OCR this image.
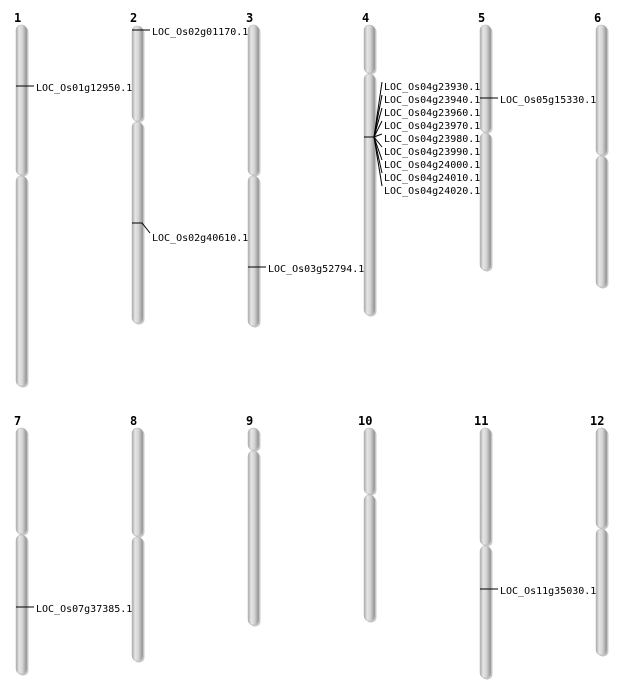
1
LOC_Os01g12950.1
2
LOC_Os02g01170.1
LOC_Os02g40610.1
3
LOC_Os03g52794.1
4
LOC_Os04g23930.1
LOC_Os04g23940.1
LOC_Os04g23960.1
LOC_Os04g23970.1
LOC_Os04g23980.1
LOC_Os04g23990.1
LOC_Os04g24000.1
LOC_Os04g24010.1
LOC_Os04g24020.1
5
LOC_Os05g15330.1
6
7
LOC_Os07g37385.1
8	9	10	11
LOC_Os11g35030.1
12
